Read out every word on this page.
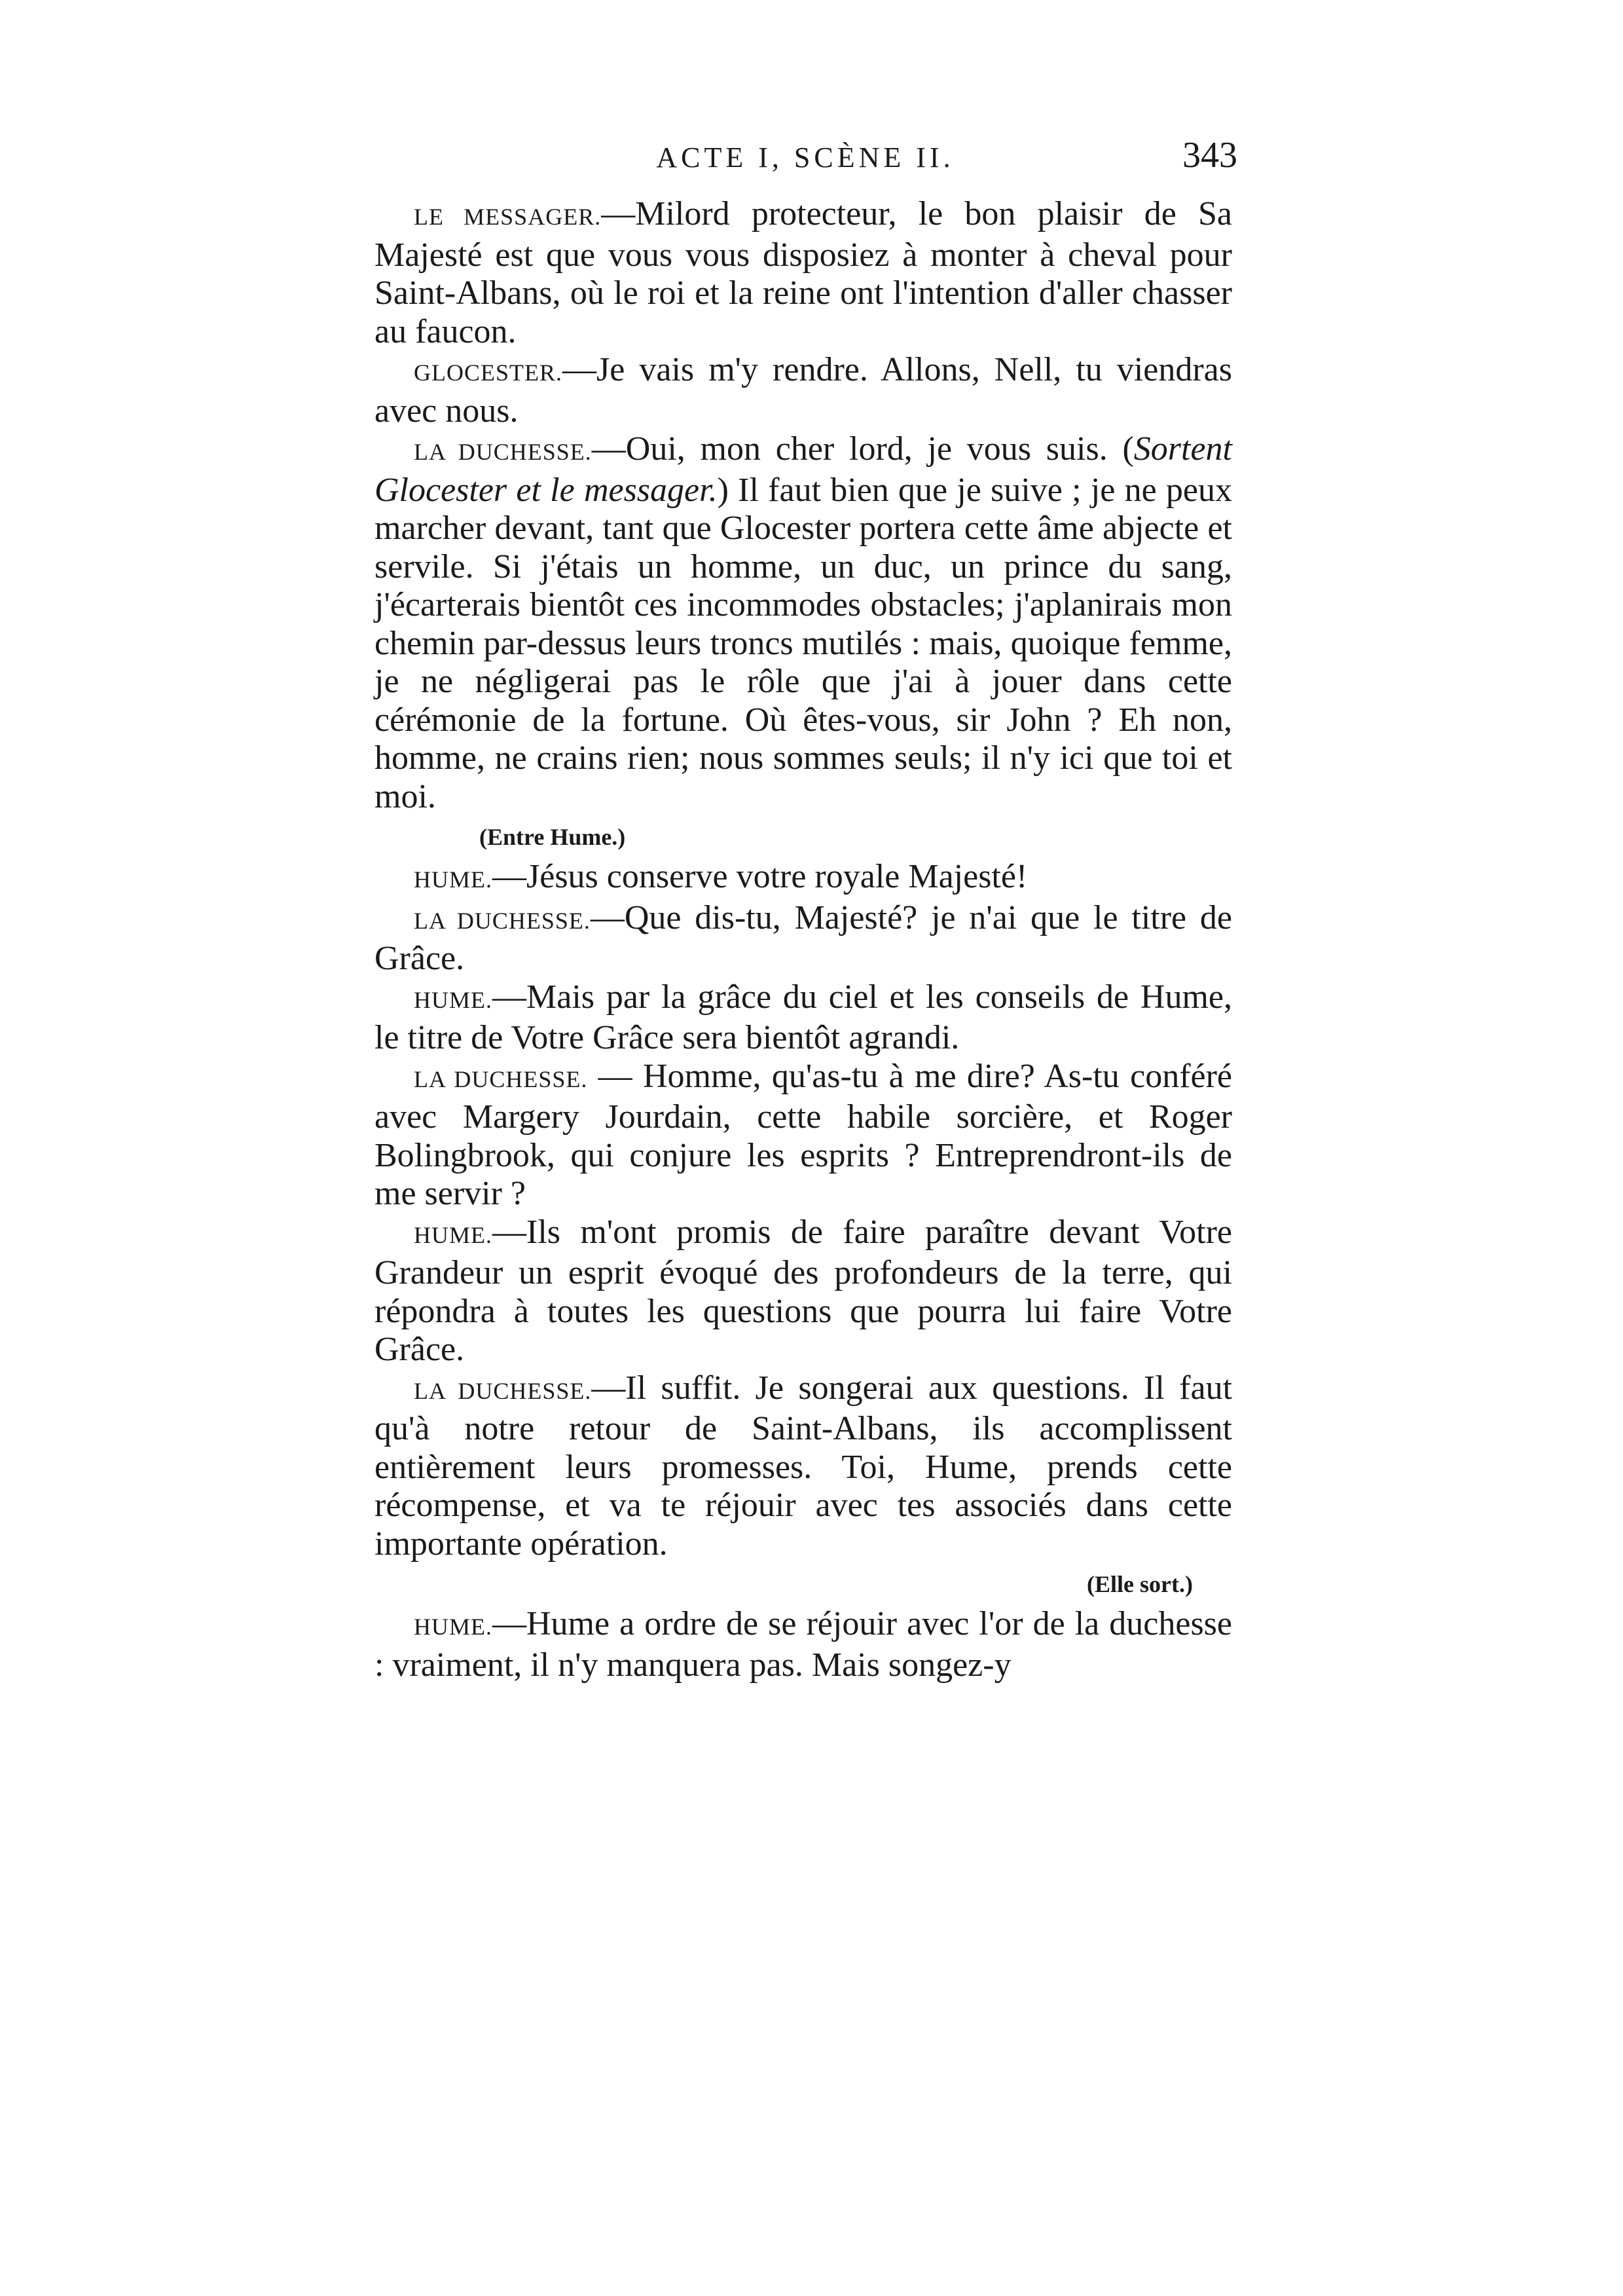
ACTE I, SCÈNE II.	343

LE MESSAGER.—Milord protecteur, le bon plaisir de Sa Majesté est que vous vous disposiez à monter à cheval pour Saint-Albans, où le roi et la reine ont l'intention d'aller chasser au faucon.

GLOCESTER.—Je vais m'y rendre. Allons, Nell, tu viendras avec nous.

LA DUCHESSE.—Oui, mon cher lord, je vous suis. (Sortent Glocester et le messager.) Il faut bien que je suive ; je ne peux marcher devant, tant que Glocester portera cette âme abjecte et servile. Si j'étais un homme, un duc, un prince du sang, j'écarterais bientôt ces incommodes obstacles; j'aplanirais mon chemin par-dessus leurs troncs mutilés : mais, quoique femme, je ne négligerai pas le rôle que j'ai à jouer dans cette cérémonie de la fortune. Où êtes-vous, sir John ? Eh non, homme, ne crains rien; nous sommes seuls; il n'y ici que toi et moi.

(Entre Hume.)

HUME.—Jésus conserve votre royale Majesté!

LA DUCHESSE.—Que dis-tu, Majesté? je n'ai que le titre de Grâce.

HUME.—Mais par la grâce du ciel et les conseils de Hume, le titre de Votre Grâce sera bientôt agrandi.

LA DUCHESSE. — Homme, qu'as-tu à me dire? As-tu conféré avec Margery Jourdain, cette habile sorcière, et Roger Bolingbrook, qui conjure les esprits ? Entreprendront-ils de me servir ?

HUME.—Ils m'ont promis de faire paraître devant Votre Grandeur un esprit évoqué des profondeurs de la terre, qui répondra à toutes les questions que pourra lui faire Votre Grâce.

LA DUCHESSE.—Il suffit. Je songerai aux questions. Il faut qu'à notre retour de Saint-Albans, ils accomplissent entièrement leurs promesses. Toi, Hume, prends cette récompense, et va te réjouir avec tes associés dans cette importante opération.

(Elle sort.)

HUME.—Hume a ordre de se réjouir avec l'or de la duchesse : vraiment, il n'y manquera pas. Mais songez-y
